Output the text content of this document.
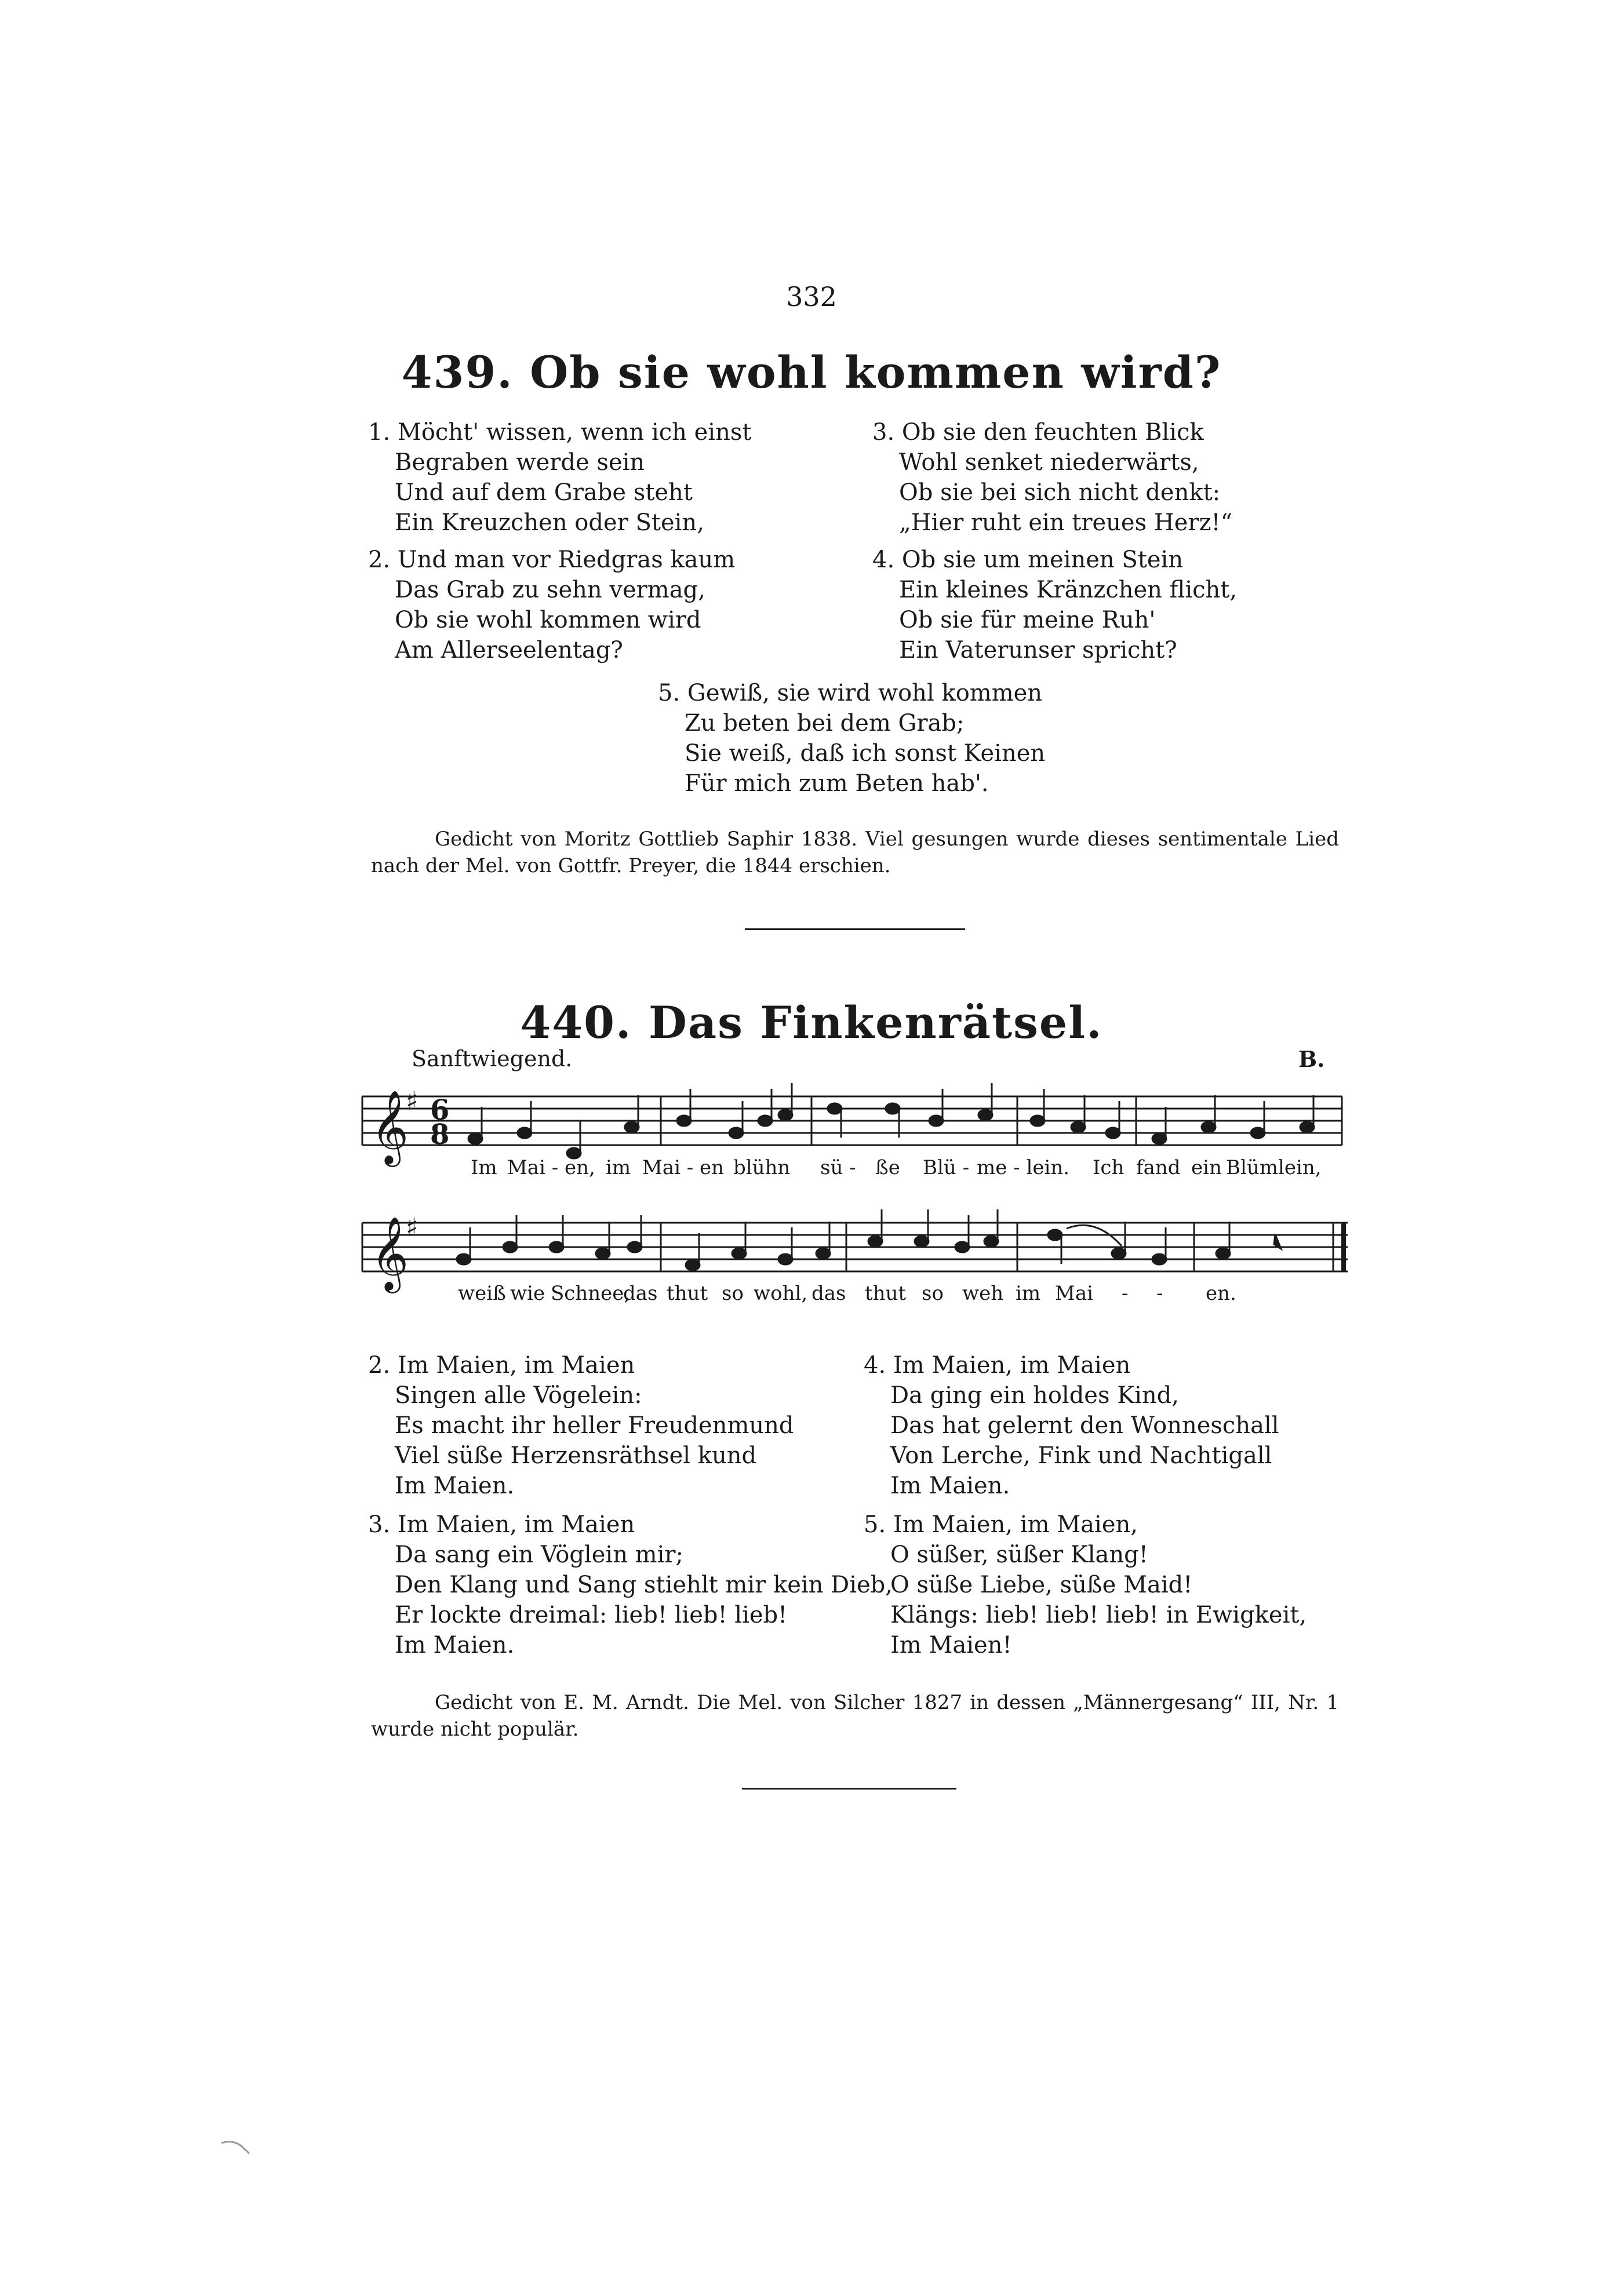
332
439. Ob sie wohl kommen wird?
1. Möcht' wissen, wenn ich einst
Begraben werde sein
Und auf dem Grabe steht
Ein Kreuzchen oder Stein,
2. Und man vor Riedgras kaum
Das Grab zu sehn vermag,
Ob sie wohl kommen wird
Am Allerseelentag?
3. Ob sie den feuchten Blick
Wohl senket niederwärts,
Ob sie bei sich nicht denkt:
„Hier ruht ein treues Herz!“
4. Ob sie um meinen Stein
Ein kleines Kränzchen flicht,
Ob sie für meine Ruh'
Ein Vaterunser spricht?
5. Gewiß, sie wird wohl kommen
Zu beten bei dem Grab;
Sie weiß, daß ich sonst Keinen
Für mich zum Beten hab'.
Gedicht von Moritz Gottlieb Saphir 1838. Viel gesungen wurde dieses sentimentale Lied nach der Mel. von Gottfr. Preyer, die 1844 erschien.
440. Das Finkenrätsel.
Sanftwiegend.	B.
𝄞
♯
𝄞
♯
6
8
Im Mai - en, im Mai - en blühn sü - ße Blü - me - lein. Ich fand ein Blümlein,
weiß wie Schnee,
das thut so wohl, das thut so weh im Mai - - en.
2. Im Maien, im Maien
Singen alle Vögelein:
Es macht ihr heller Freudenmund
Viel süße Herzensräthsel kund
Im Maien.
3. Im Maien, im Maien
Da sang ein Vöglein mir;
Den Klang und Sang stiehlt mir kein Dieb,
Er lockte dreimal: lieb! lieb! lieb!
Im Maien.
4. Im Maien, im Maien
Da ging ein holdes Kind,
Das hat gelernt den Wonneschall
Von Lerche, Fink und Nachtigall
Im Maien.
5. Im Maien, im Maien,
O süßer, süßer Klang!
O süße Liebe, süße Maid!
Klängs: lieb! lieb! lieb! in Ewigkeit,
Im Maien!
Gedicht von E. M. Arndt. Die Mel. von Silcher 1827 in dessen „Männergesang“ III, Nr. 1 wurde nicht populär.
